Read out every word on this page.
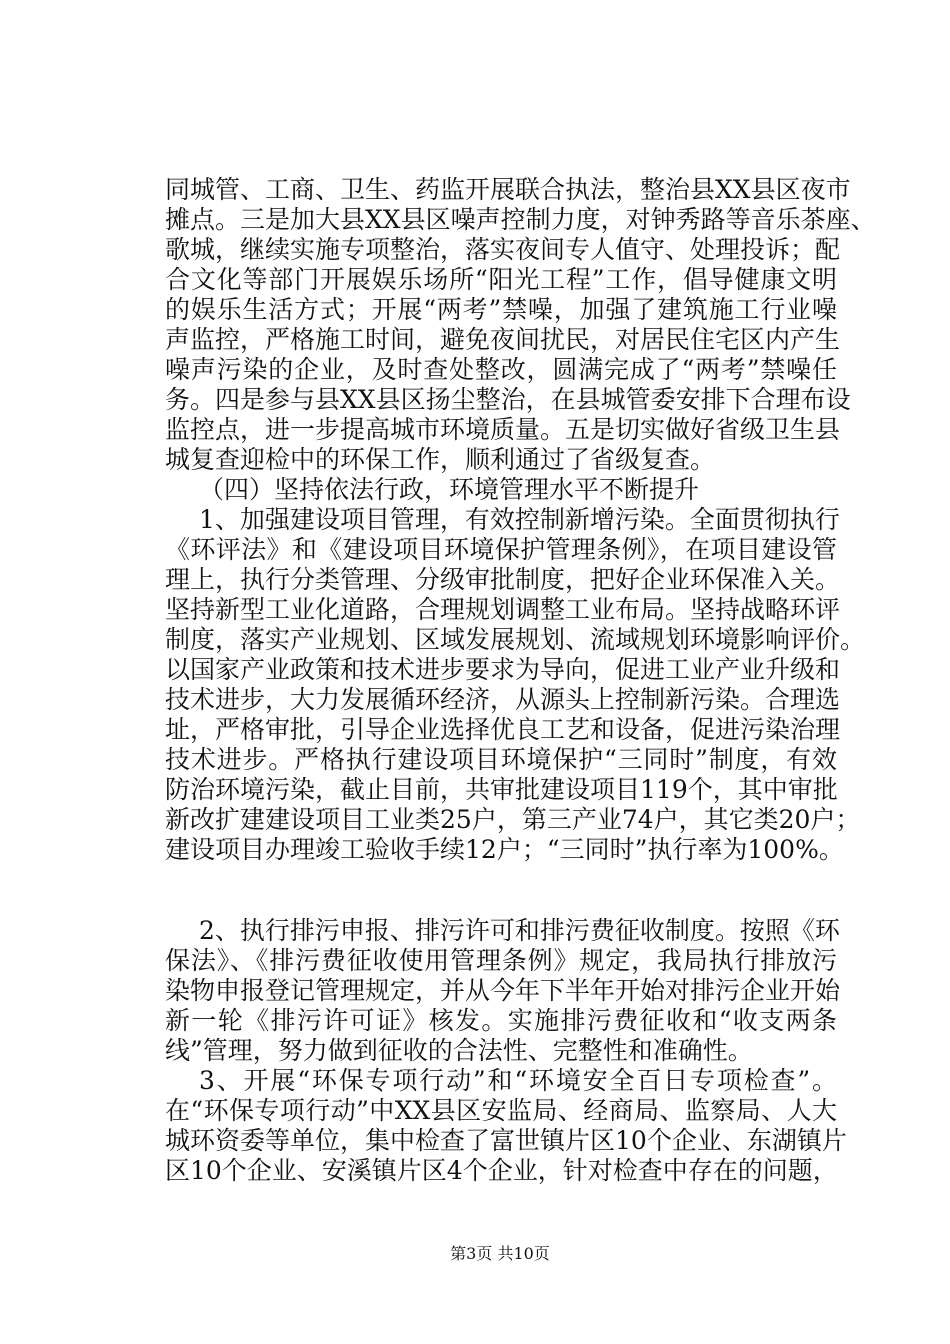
同城管、工商、卫生、药监开展联合执法，整治县XX县区夜市
摊点。三是加大县XX县区噪声控制力度，对钟秀路等音乐茶座、
歌城，继续实施专项整治，落实夜间专人值守、处理投诉；配
合文化等部门开展娱乐场所“阳光工程”工作，倡导健康文明
的娱乐生活方式；开展“两考”禁噪，加强了建筑施工行业噪
声监控，严格施工时间，避免夜间扰民，对居民住宅区内产生
噪声污染的企业，及时查处整改，圆满完成了“两考”禁噪任
务。四是参与县XX县区扬尘整治，在县城管委安排下合理布设
监控点，进一步提高城市环境质量。五是切实做好省级卫生县
城复查迎检中的环保工作，顺利通过了省级复查。
（四）坚持依法行政，环境管理水平不断提升
1、加强建设项目管理，有效控制新增污染。全面贯彻执行
《环评法》和《建设项目环境保护管理条例》，在项目建设管
理上，执行分类管理、分级审批制度，把好企业环保准入关。
坚持新型工业化道路，合理规划调整工业布局。坚持战略环评
制度，落实产业规划、区域发展规划、流域规划环境影响评价。
以国家产业政策和技术进步要求为导向，促进工业产业升级和
技术进步，大力发展循环经济，从源头上控制新污染。合理选
址，严格审批，引导企业选择优良工艺和设备，促进污染治理
技术进步。严格执行建设项目环境保护“三同时”制度，有效
防治环境污染，截止目前，共审批建设项目119个，其中审批
新改扩建建设项目工业类25户，第三产业74户，其它类20户；
建设项目办理竣工验收手续12户；“三同时”执行率为100%。
2、执行排污申报、排污许可和排污费征收制度。按照《环
保法》、《排污费征收使用管理条例》规定，我局执行排放污
染物申报登记管理规定，并从今年下半年开始对排污企业开始
新一轮《排污许可证》核发。实施排污费征收和“收支两条
线”管理，努力做到征收的合法性、完整性和准确性。
3、开展“环保专项行动”和“环境安全百日专项检查”。
在“环保专项行动”中XX县区安监局、经商局、监察局、人大
城环资委等单位，集中检查了富世镇片区10个企业、东湖镇片
区10个企业、安溪镇片区4个企业，针对检查中存在的问题，
第3页 共10页
